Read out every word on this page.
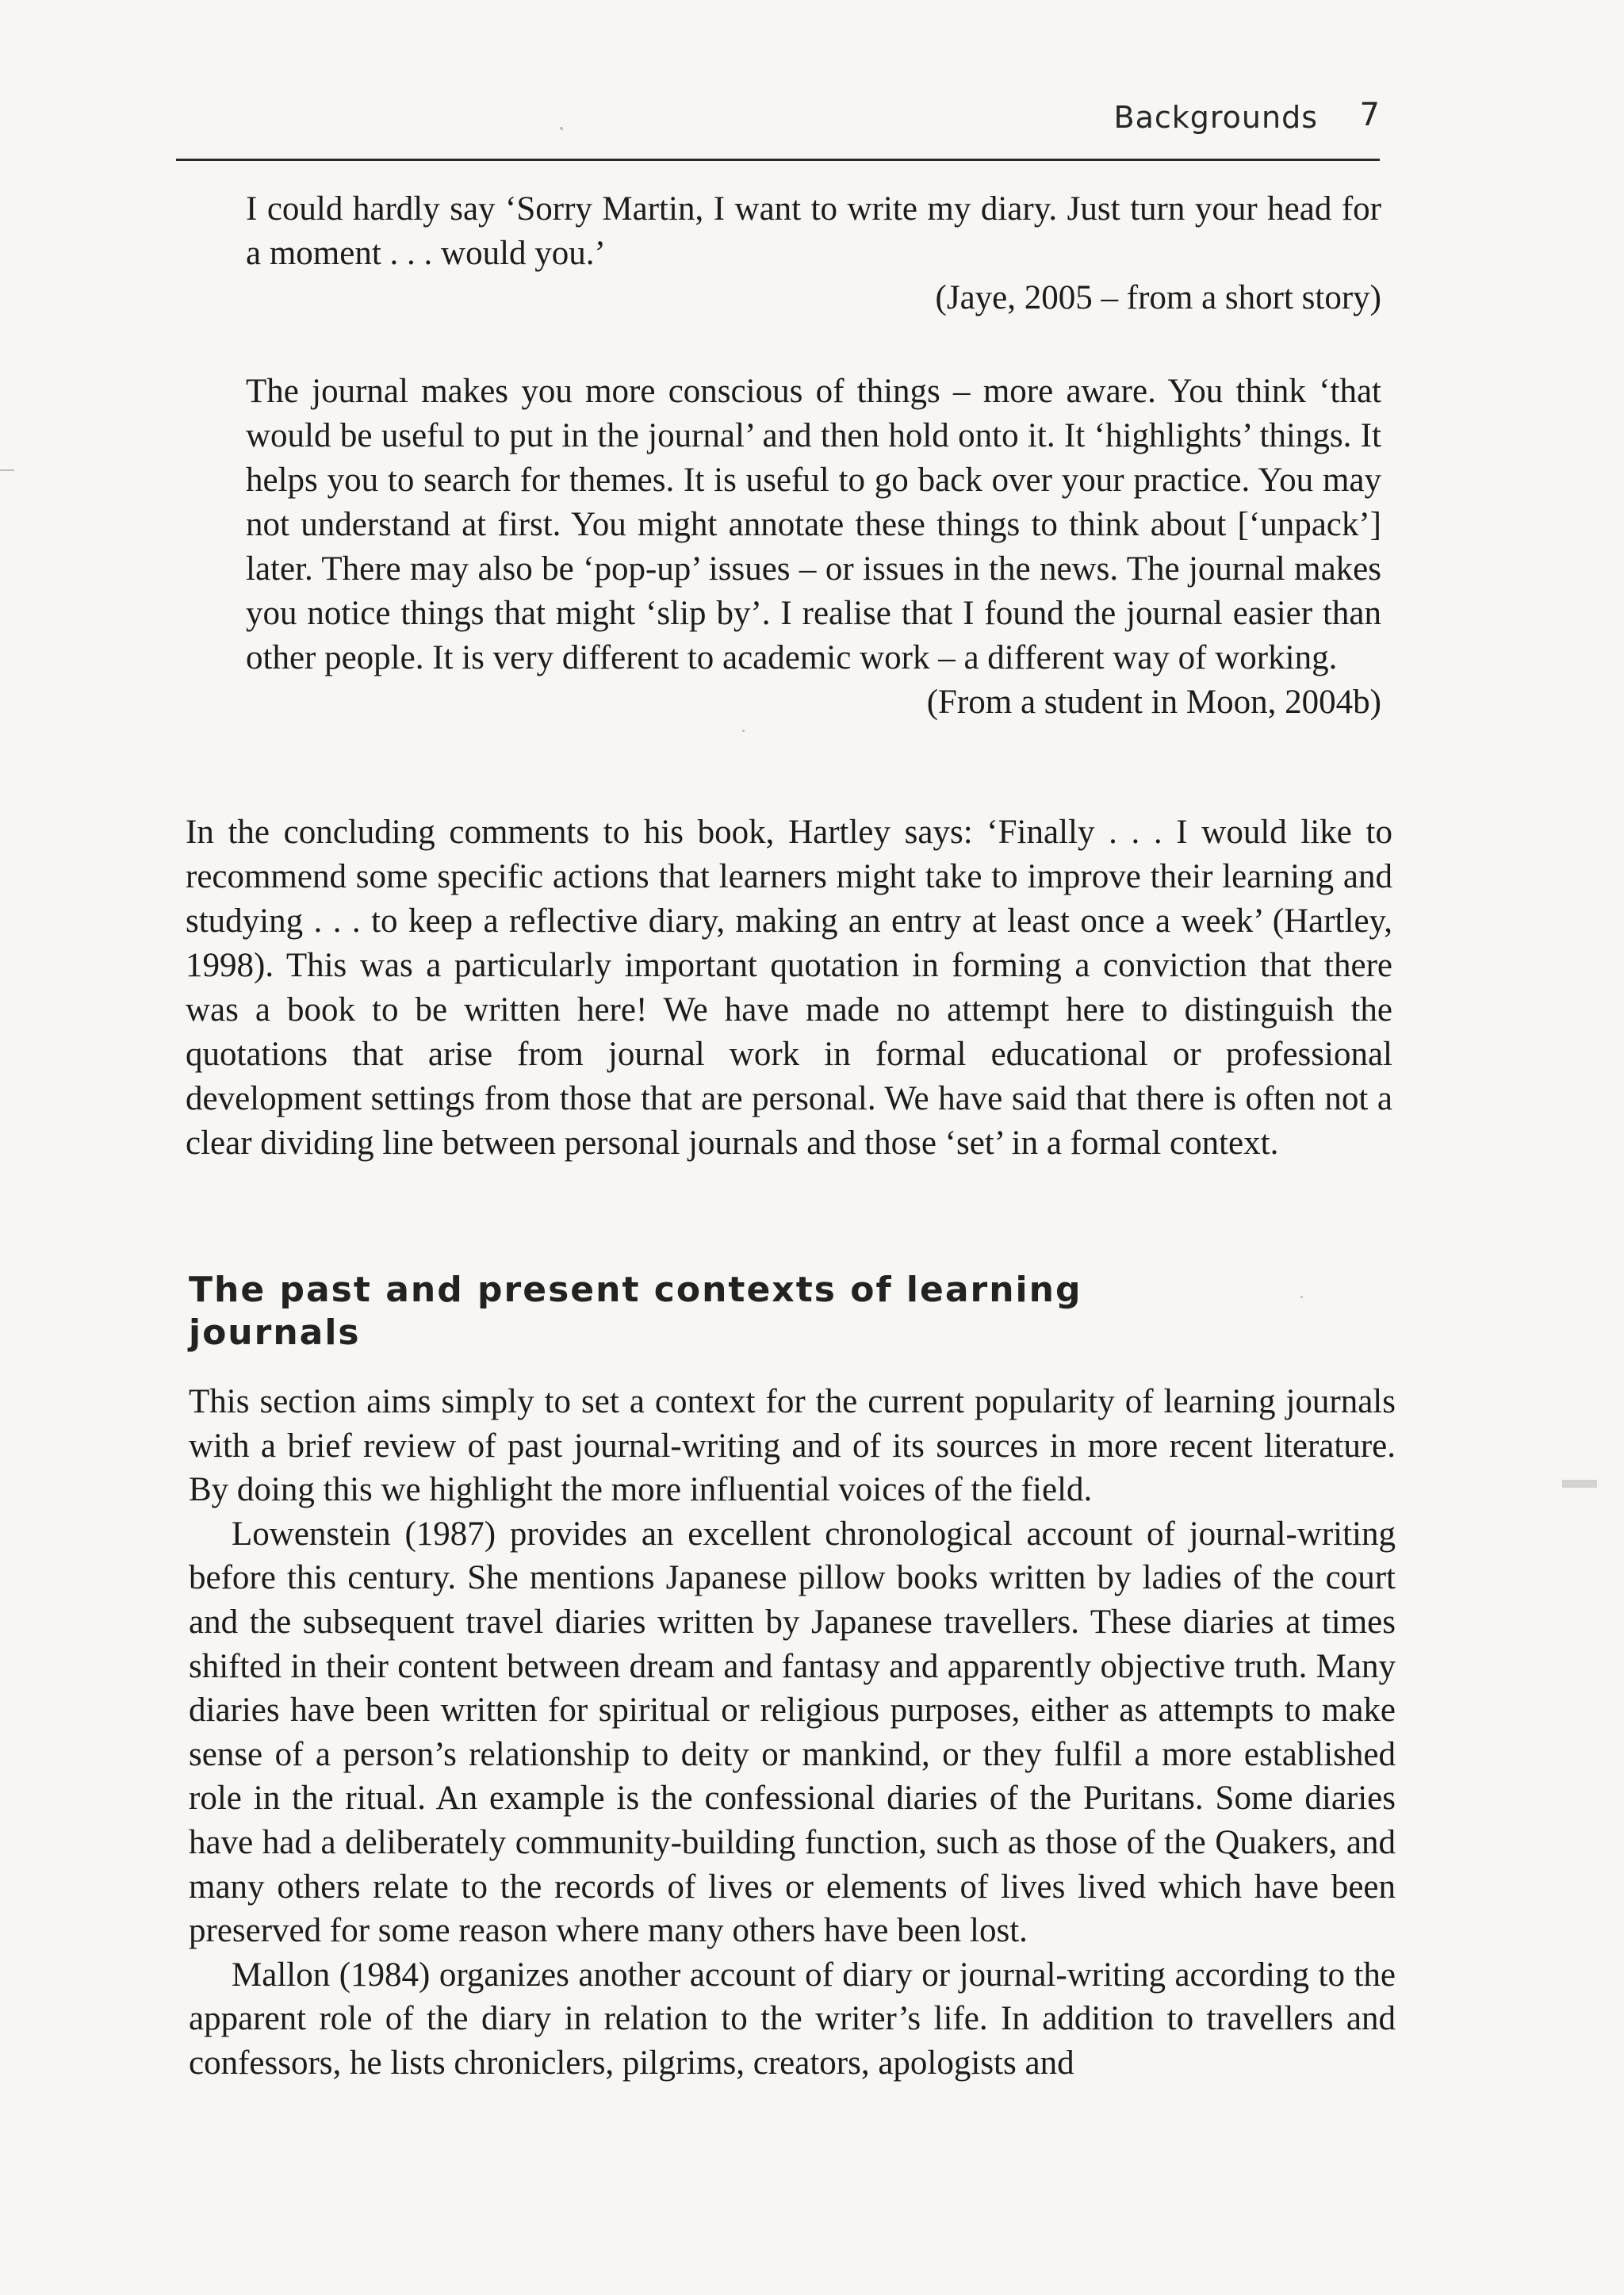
Backgrounds 7
I could hardly say ‘Sorry Martin, I want to write my diary. Just turn your head for a moment . . . would you.’
(Jaye, 2005 – from a short story)
The journal makes you more conscious of things – more aware. You think ‘that would be useful to put in the journal’ and then hold onto it. It ‘highlights’ things. It helps you to search for themes. It is useful to go back over your practice. You may not understand at first. You might annotate these things to think about [‘unpack’] later. There may also be ‘pop-up’ issues – or issues in the news. The journal makes you notice things that might ‘slip by’. I realise that I found the journal easier than other people. It is very different to academic work – a different way of working.
(From a student in Moon, 2004b)

In the concluding comments to his book, Hartley says: ‘Finally . . . I would like to recommend some specific actions that learners might take to improve their learning and studying . . . to keep a reflective diary, making an entry at least once a week’ (Hartley, 1998). This was a particularly important quotation in forming a conviction that there was a book to be written here! We have made no attempt here to distinguish the quotations that arise from journal work in formal educational or professional development settings from those that are personal. We have said that there is often not a clear dividing line between personal journals and those ‘set’ in a formal context.

The past and present contexts of learning journals

This section aims simply to set a context for the current popularity of learning journals with a brief review of past journal-writing and of its sources in more recent literature. By doing this we highlight the more influential voices of the field.

Lowenstein (1987) provides an excellent chronological account of journal-writing before this century. She mentions Japanese pillow books written by ladies of the court and the subsequent travel diaries written by Japanese travellers. These diaries at times shifted in their content between dream and fantasy and apparently objective truth. Many diaries have been written for spiritual or religious purposes, either as attempts to make sense of a person’s relationship to deity or mankind, or they fulfil a more established role in the ritual. An example is the confessional diaries of the Puritans. Some diaries have had a deliberately community-building function, such as those of the Quakers, and many others relate to the records of lives or elements of lives lived which have been preserved for some reason where many others have been lost.

Mallon (1984) organizes another account of diary or journal-writing according to the apparent role of the diary in relation to the writer’s life. In addition to travellers and confessors, he lists chroniclers, pilgrims, creators, apologists and
